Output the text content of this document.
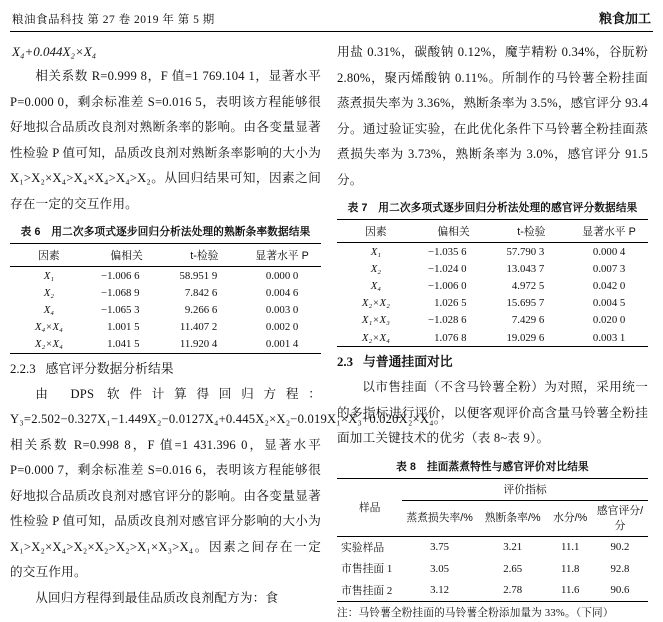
粮油食品科技 第 27 卷 2019 年 第 5 期	粮食加工
X₄+0.044X₂×X₄

相关系数 R=0.999 8，F 值=1 769.104 1，显著水平 P=0.000 0，剩余标准差 S=0.016 5，表明该方程能够很好地拟合品质改良剂对熟断条率的影响。由各变量显著性检验 P 值可知，品质改良剂对熟断条率影响的大小为 X₁>X₂×X₄>X₄×X₄>X₄>X₂。从回归结果可知，因素之间存在一定的交互作用。

表 6　用二次多项式逐步回归分析法处理的熟断条率数据结果
因素	偏相关	t-检验	显著水平 P
X₁	−1.006 6	58.951 9	0.000 0
X₂	−1.068 9	7.842 6	0.004 6
X₄	−1.065 3	9.266 6	0.003 0
X₄×X₄	1.001 5	11.407 2	0.002 0
X₂×X₄	1.041 5	11.920 4	0.001 4
2.2.3 感官评分数据分析结果

由 DPS 软件计算得回归方程：Y₃=2.502−0.327X₁−1.449X₂−0.0127X₄+0.445X₂×X₂−0.019X₁×X₃+0.020X₂×X₄。相关系数 R=0.998 8，F 值=1 431.396 0，显著水平 P=0.000 7，剩余标准差 S=0.016 6，表明该方程能够很好地拟合品质改良剂对感官评分的影响。由各变量显著性检验 P 值可知，品质改良剂对感官评分影响的大小为 X₁>X₂×X₄>X₂×X₂>X₂>X₁×X₃>X₄。因素之间存在一定的交互作用。

从回归方程得到最佳品质改良剂配方为：食

用盐 0.31%，碳酸钠 0.12%，魔芋精粉 0.34%，谷朊粉 2.80%，聚丙烯酸钠 0.11%。所制作的马铃薯全粉挂面蒸煮损失率为 3.36%，熟断条率为 3.5%，感官评分 93.4 分。通过验证实验，在此优化条件下马铃薯全粉挂面蒸煮损失率为 3.73%，熟断条率为 3.0%，感官评分 91.5 分。

表 7　用二次多项式逐步回归分析法处理的感官评分数据结果
因素	偏相关	t-检验	显著水平 P
X₁	−1.035 6	57.790 3	0.000 4
X₂	−1.024 0	13.043 7	0.007 3
X₄	−1.006 0	4.972 5	0.042 0
X₂×X₂	1.026 5	15.695 7	0.004 5
X₁×X₃	−1.028 6	7.429 6	0.020 0
X₂×X₄	1.076 8	19.029 6	0.003 1
2.3 与普通挂面对比

以市售挂面（不含马铃薯全粉）为对照，采用统一的多指标进行评价，以便客观评价高含量马铃薯全粉挂面加工关键技术的优劣（表 8~表 9）。

表 8　挂面蒸煮特性与感官评价对比结果
样品	评价指标			
	蒸煮损失率/%	熟断条率/%	水分/%	感官评分/分
实验样品	3.75	3.21	11.1	90.2
市售挂面 1	3.05	2.65	11.8	92.8
市售挂面 2	3.12	2.78	11.6	90.6
注：马铃薯全粉挂面的马铃薯全粉添加量为 33%。（下同）
